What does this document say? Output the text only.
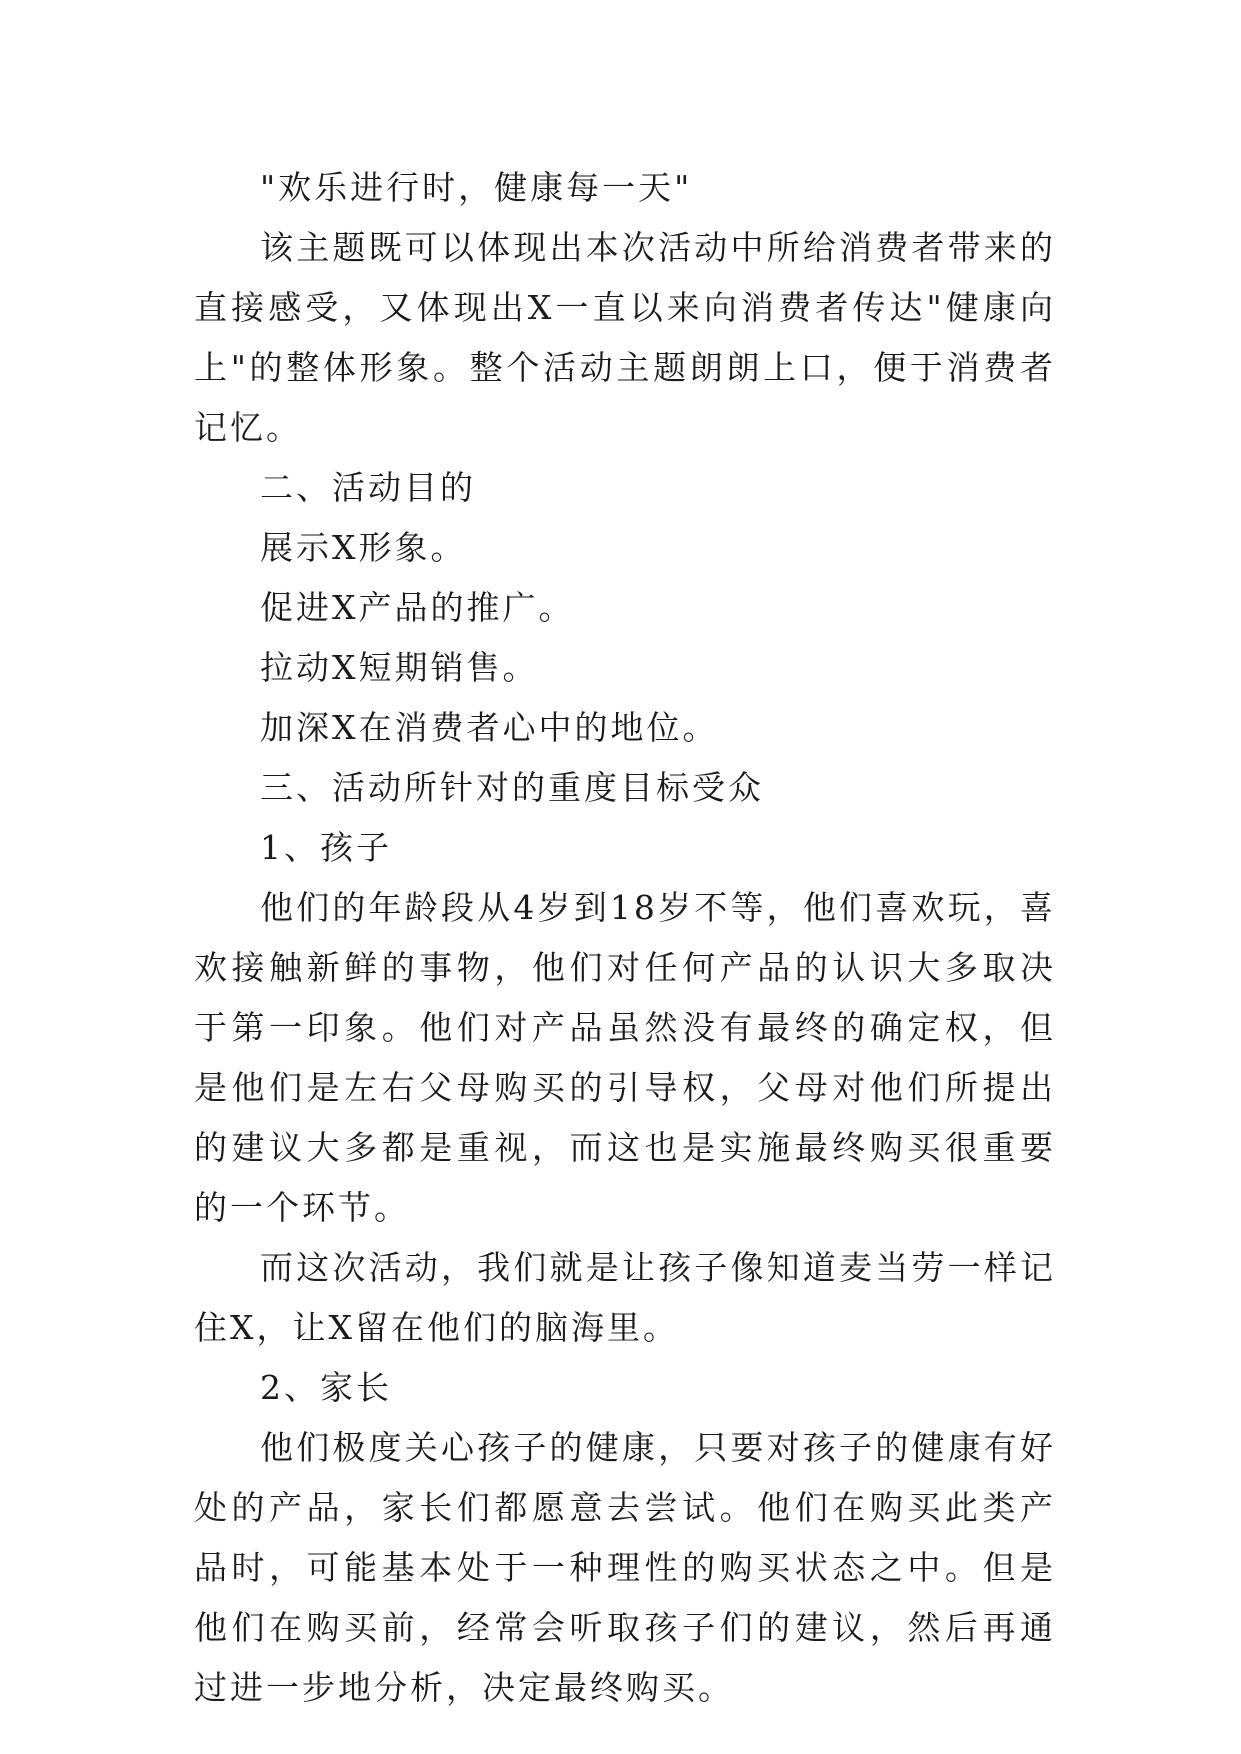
"欢乐进行时，健康每一天"

该主题既可以体现出本次活动中所给消费者带来的直接感受，又体现出X一直以来向消费者传达"健康向上"的整体形象。整个活动主题朗朗上口，便于消费者记忆。

二、活动目的
展示X形象。
促进X产品的推广。
拉动X短期销售。
加深X在消费者心中的地位。
三、活动所针对的重度目标受众
1、孩子

他们的年龄段从4岁到18岁不等，他们喜欢玩，喜欢接触新鲜的事物，他们对任何产品的认识大多取决于第一印象。他们对产品虽然没有最终的确定权，但是他们是左右父母购买的引导权，父母对他们所提出的建议大多都是重视，而这也是实施最终购买很重要的一个环节。

而这次活动，我们就是让孩子像知道麦当劳一样记住X，让X留在他们的脑海里。

2、家长

他们极度关心孩子的健康，只要对孩子的健康有好处的产品，家长们都愿意去尝试。他们在购买此类产品时，可能基本处于一种理性的购买状态之中。但是他们在购买前，经常会听取孩子们的建议，然后再通过进一步地分析，决定最终购买。
